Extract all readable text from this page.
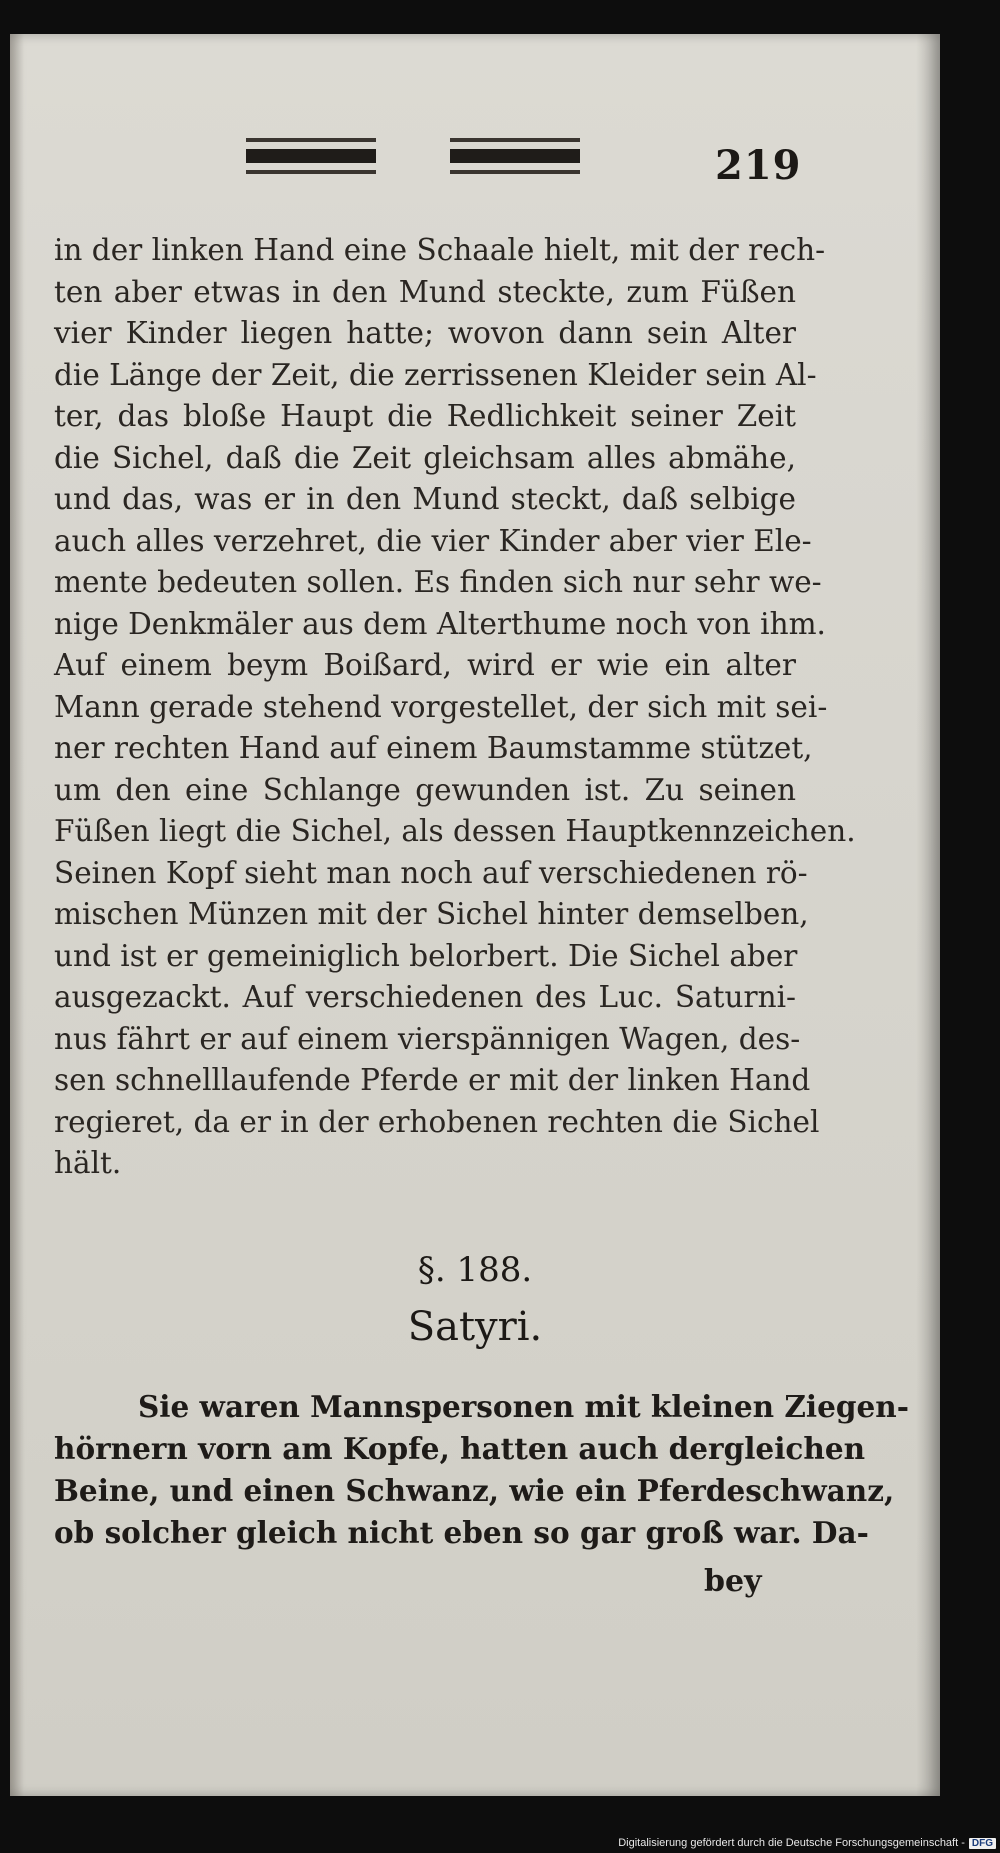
219
in der linken Hand eine Schaale hielt, mit der rech-
ten aber etwas in den Mund steckte, zum Füßen
vier Kinder liegen hatte; wovon dann sein Alter
die Länge der Zeit, die zerrissenen Kleider sein Al-
ter, das bloße Haupt die Redlichkeit seiner Zeit
die Sichel, daß die Zeit gleichsam alles abmähe,
und das, was er in den Mund steckt, daß selbige
auch alles verzehret, die vier Kinder aber vier Ele-
mente bedeuten sollen. Es finden sich nur sehr we-
nige Denkmäler aus dem Alterthume noch von ihm.
Auf einem beym Boißard, wird er wie ein alter
Mann gerade stehend vorgestellet, der sich mit sei-
ner rechten Hand auf einem Baumstamme stützet,
um den eine Schlange gewunden ist. Zu seinen
Füßen liegt die Sichel, als dessen Hauptkennzeichen.
Seinen Kopf sieht man noch auf verschiedenen rö-
mischen Münzen mit der Sichel hinter demselben,
und ist er gemeiniglich belorbert. Die Sichel aber
ausgezackt. Auf verschiedenen des Luc. Saturni-
nus fährt er auf einem vierspännigen Wagen, des-
sen schnelllaufende Pferde er mit der linken Hand
regieret, da er in der erhobenen rechten die Sichel
hält.
§. 188.
Satyri.
Sie waren Mannspersonen mit kleinen Ziegen-
hörnern vorn am Kopfe, hatten auch dergleichen
Beine, und einen Schwanz, wie ein Pferdeschwanz,
ob solcher gleich nicht eben so gar groß war. Da-
bey
Digitalisierung gefördert durch die Deutsche Forschungsgemeinschaft - DFG
